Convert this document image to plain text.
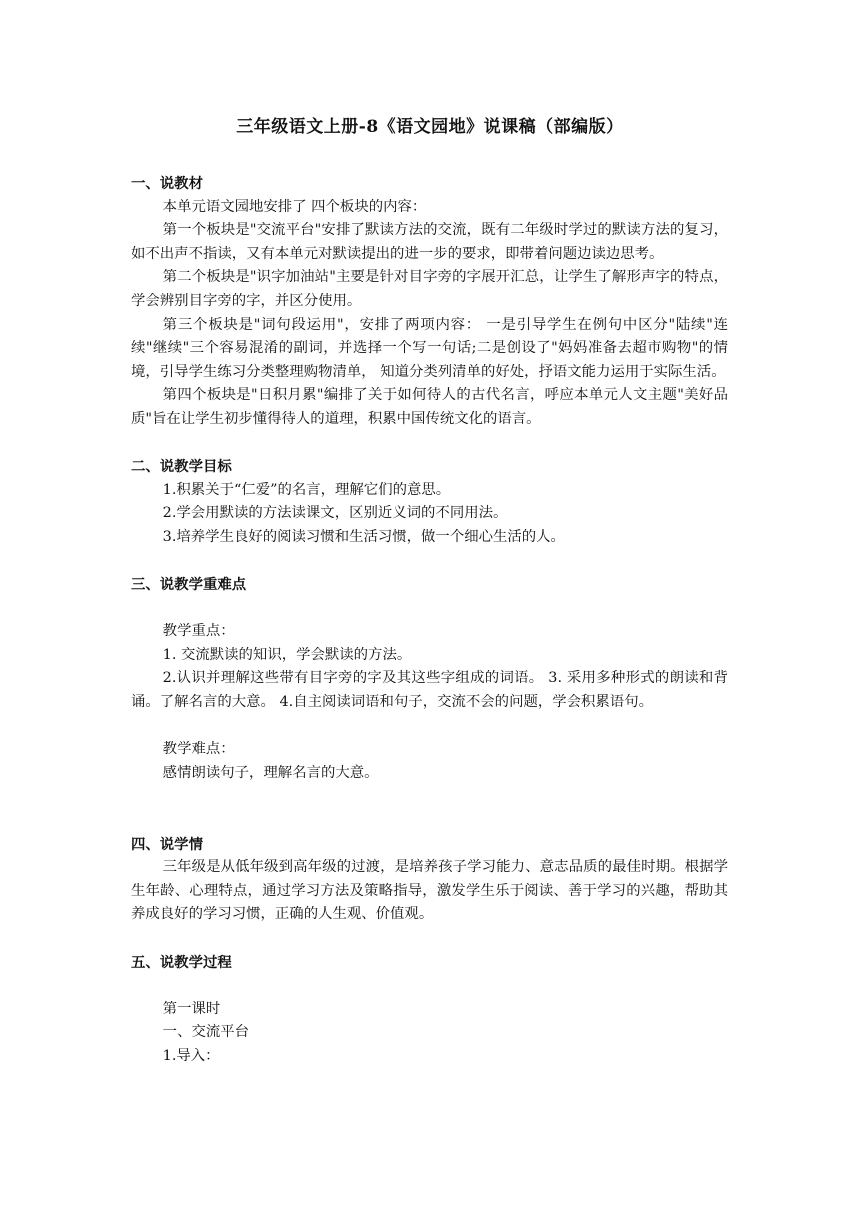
三年级语文上册-8《语文园地》说课稿（部编版）
一、说教材

本单元语文园地安排了 四个板块的内容：

第一个板块是"交流平台"安排了默读方法的交流，既有二年级时学过的默读方法的复习，如不出声不指读，又有本单元对默读提出的进一步的要求，即带着问题边读边思考。

第二个板块是"识字加油站"主要是针对目字旁的字展开汇总，让学生了解形声字的特点，学会辨别目字旁的字，并区分使用。

第三个板块是"词句段运用"，安排了两项内容： 一是引导学生在例句中区分"陆续"连续"继续"三个容易混淆的副词，并选择一个写一句话;二是创设了"妈妈准备去超市购物"的情境，引导学生练习分类整理购物清单， 知道分类列清单的好处，抒语文能力运用于实际生活。

第四个板块是"日积月累"编排了关于如何待人的古代名言，呼应本单元人文主题"美好品质"旨在让学生初步懂得待人的道理，积累中国传统文化的语言。

二、说教学目标

1.积累关于“仁爱”的名言，理解它们的意思。

2.学会用默读的方法读课文，区别近义词的不同用法。

3.培养学生良好的阅读习惯和生活习惯，做一个细心生活的人。

三、说教学重难点

教学重点：

1. 交流默读的知识，学会默读的方法。

2.认识并理解这些带有目字旁的字及其这些字组成的词语。 3. 采用多种形式的朗读和背诵。了解名言的大意。 4.自主阅读词语和句子，交流不会的问题，学会积累语句。

教学难点：

感情朗读句子，理解名言的大意。

四、说学情

三年级是从低年级到高年级的过渡，是培养孩子学习能力、意志品质的最佳时期。根据学生年龄、心理特点，通过学习方法及策略指导，激发学生乐于阅读、善于学习的兴趣，帮助其养成良好的学习习惯，正确的人生观、价值观。

五、说教学过程

第一课时

一、交流平台

1.导入：
